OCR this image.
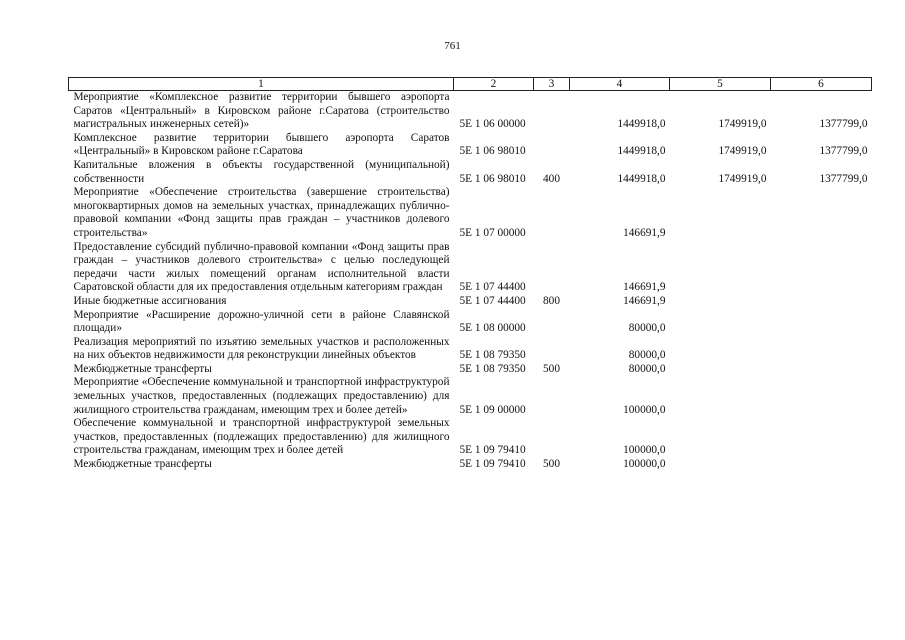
761
1	2	3	4	5	6
Мероприятие «Комплексное развитие территории бывшего аэропорта Саратов «Центральный» в Кировском районе г.Саратова (строительство магистральных инженерных сетей)»	5Е 1 06 00000		1449918,0	1749919,0	1377799,0
Комплексное развитие территории бывшего аэропорта Саратов «Центральный» в Кировском районе г.Саратова	5Е 1 06 98010		1449918,0	1749919,0	1377799,0
Капитальные вложения в объекты государственной (муниципальной) собственности	5Е 1 06 98010	400	1449918,0	1749919,0	1377799,0
Мероприятие «Обеспечение строительства (завершение строительства) многоквартирных домов на земельных участках, принадлежащих публично-правовой компании «Фонд защиты прав граждан – участников долевого строительства»	5Е 1 07 00000		146691,9		
Предоставление субсидий публично-правовой компании «Фонд защиты прав граждан – участников долевого строительства» с целью последующей передачи части жилых помещений органам исполнительной власти Саратовской области для их предоставления отдельным категориям граждан	5Е 1 07 44400		146691,9		
Иные бюджетные ассигнования	5Е 1 07 44400	800	146691,9		
Мероприятие «Расширение дорожно-уличной сети в районе Славянской площади»	5Е 1 08 00000		80000,0		
Реализация мероприятий по изъятию земельных участков и расположенных на них объектов недвижимости для реконструкции линейных объектов	5Е 1 08 79350		80000,0		
Межбюджетные трансферты	5Е 1 08 79350	500	80000,0		
Мероприятие «Обеспечение коммунальной и транспортной инфраструктурой земельных участков, предоставленных (подлежащих предоставлению) для жилищного строительства гражданам, имеющим трех и более детей»	5Е 1 09 00000		100000,0		
Обеспечение коммунальной и транспортной инфраструктурой земельных участков, предоставленных (подлежащих предоставлению) для жилищного строительства гражданам, имеющим трех и более детей	5Е 1 09 79410		100000,0		
Межбюджетные трансферты	5Е 1 09 79410	500	100000,0		
